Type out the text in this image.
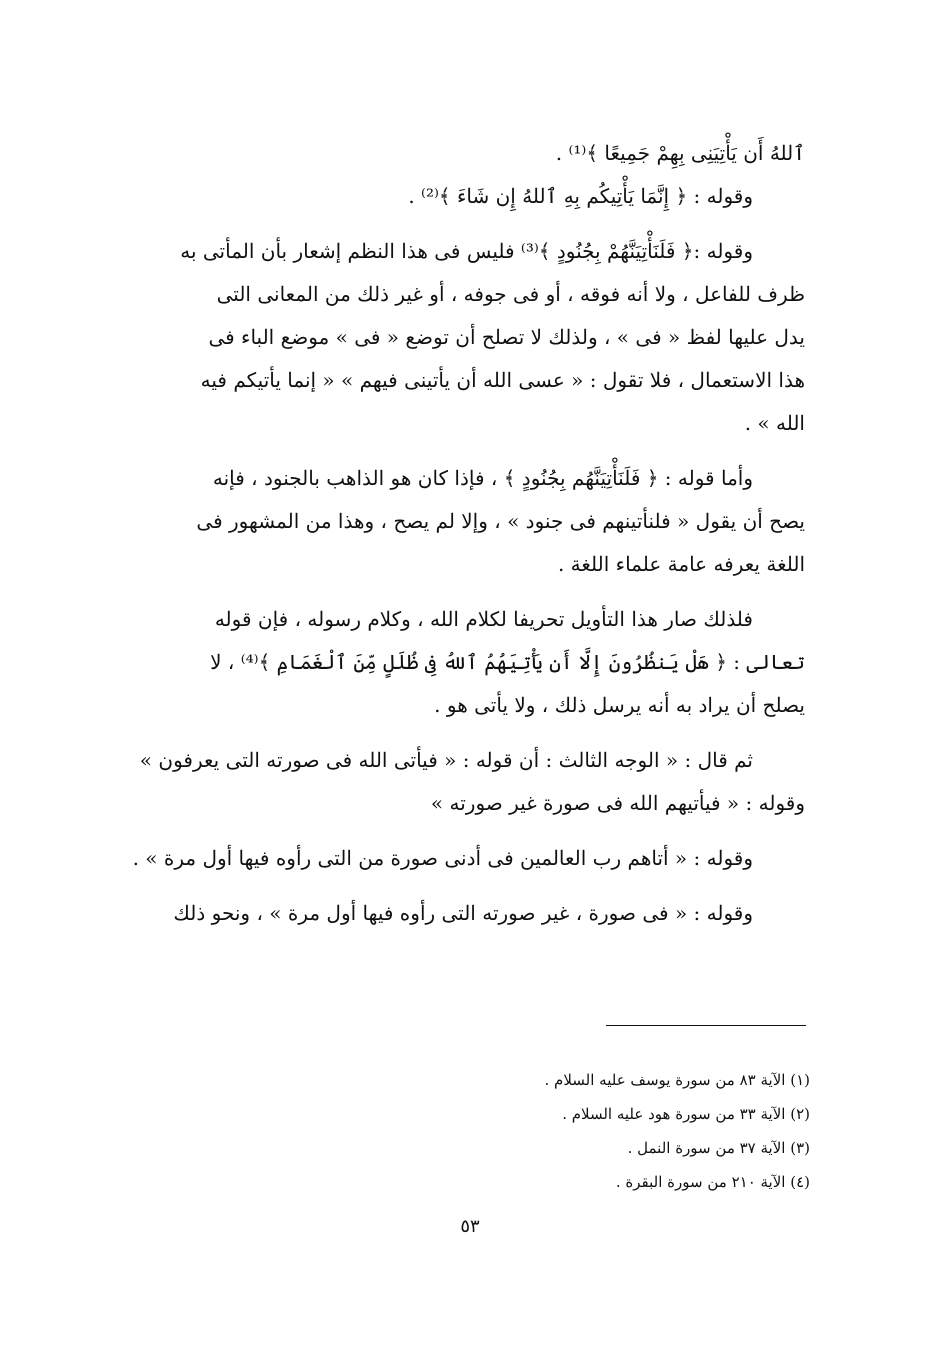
ٱللهُ أَن يَأْتِيَنِى بِهِمْ جَمِيعًا ﴾⁽¹⁾ .

وقوله : ﴿ إِنَّمَا يَأْتِيكُم بِهِ ٱللهُ إِن شَاءَ ﴾⁽²⁾ .

وقوله :﴿ فَلَنَأْتِيَنَّهُمْ بِجُنُودٍ ﴾⁽³⁾ فليس فى هذا النظم إشعار بأن المأتى به

ظرف للفاعل ، ولا أنه فوقه ، أو فى جوفه ، أو غير ذلك من المعانى التى

يدل عليها لفظ « فى » ، ولذلك لا تصلح أن توضع « فى » موضع الباء فى

هذا الاستعمال ، فلا تقول : « عسى الله أن يأتينى فيهم » « إنما يأتيكم فيه

الله » .

وأما قوله : ﴿ فَلَنَأْتِيَنَّهُم بِجُنُودٍ ﴾ ، فإذا كان هو الذاهب بالجنود ، فإنه

يصح أن يقول « فلنأتينهم فى جنود » ، وإلا لم يصح ، وهذا من المشهور فى

اللغة يعرفه عامة علماء اللغة .

فلذلك صار هذا التأويل تحريفا لكلام الله ، وكلام رسوله ، فإن قوله

تعالى : ﴿ هَلْ يَنظُرُونَ إِلَّا أَن يَأْتِيَهُمُ ٱللهُ فِى ظُلَلٍ مِّنَ ٱلْغَمَامِ ﴾⁽⁴⁾ ، لا

يصلح أن يراد به أنه يرسل ذلك ، ولا يأتى هو .

ثم قال : « الوجه الثالث : أن قوله : « فيأتى الله فى صورته التى يعرفون »

وقوله : « فيأتيهم الله فى صورة غير صورته »

وقوله : « أتاهم رب العالمين فى أدنى صورة من التى رأوه فيها أول مرة » .

وقوله : « فى صورة ، غير صورته التى رأوه فيها أول مرة » ، ونحو ذلك

(١) الآية ٨٣ من سورة يوسف عليه السلام .

(٢) الآية ٣٣ من سورة هود عليه السلام .

(٣) الآية ٣٧ من سورة النمل .

(٤) الآية ٢١٠ من سورة البقرة .

٥٣
